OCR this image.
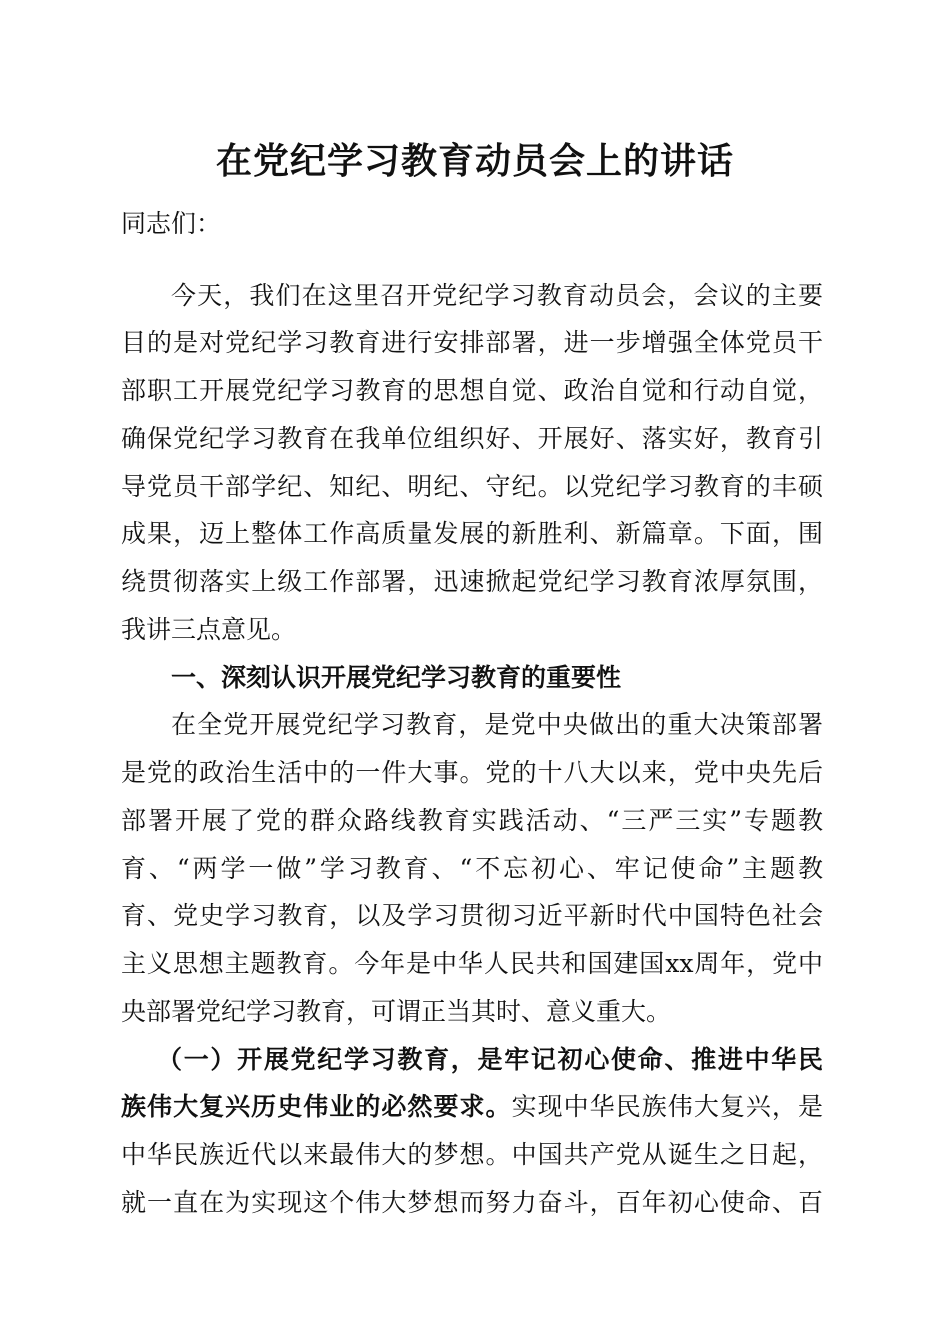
在党纪学习教育动员会上的讲话
同志们：
今天，我们在这里召开党纪学习教育动员会，会议的主要
目的是对党纪学习教育进行安排部署，进一步增强全体党员干
部职工开展党纪学习教育的思想自觉、政治自觉和行动自觉，
确保党纪学习教育在我单位组织好、开展好、落实好，教育引
导党员干部学纪、知纪、明纪、守纪。以党纪学习教育的丰硕
成果，迈上整体工作高质量发展的新胜利、新篇章。下面，围
绕贯彻落实上级工作部署，迅速掀起党纪学习教育浓厚氛围，
我讲三点意见。
一、深刻认识开展党纪学习教育的重要性
在全党开展党纪学习教育，是党中央做出的重大决策部署
是党的政治生活中的一件大事。党的十八大以来，党中央先后
部署开展了党的群众路线教育实践活动、“三严三实”专题教
育、“两学一做”学习教育、“不忘初心、牢记使命”主题教
育、党史学习教育，以及学习贯彻习近平新时代中国特色社会
主义思想主题教育。今年是中华人民共和国建国xx周年，党中
央部署党纪学习教育，可谓正当其时、意义重大。
（一）开展党纪学习教育，是牢记初心使命、推进中华民
族伟大复兴历史伟业的必然要求。实现中华民族伟大复兴，是
中华民族近代以来最伟大的梦想。中国共产党从诞生之日起，
就一直在为实现这个伟大梦想而努力奋斗，百年初心使命、百
